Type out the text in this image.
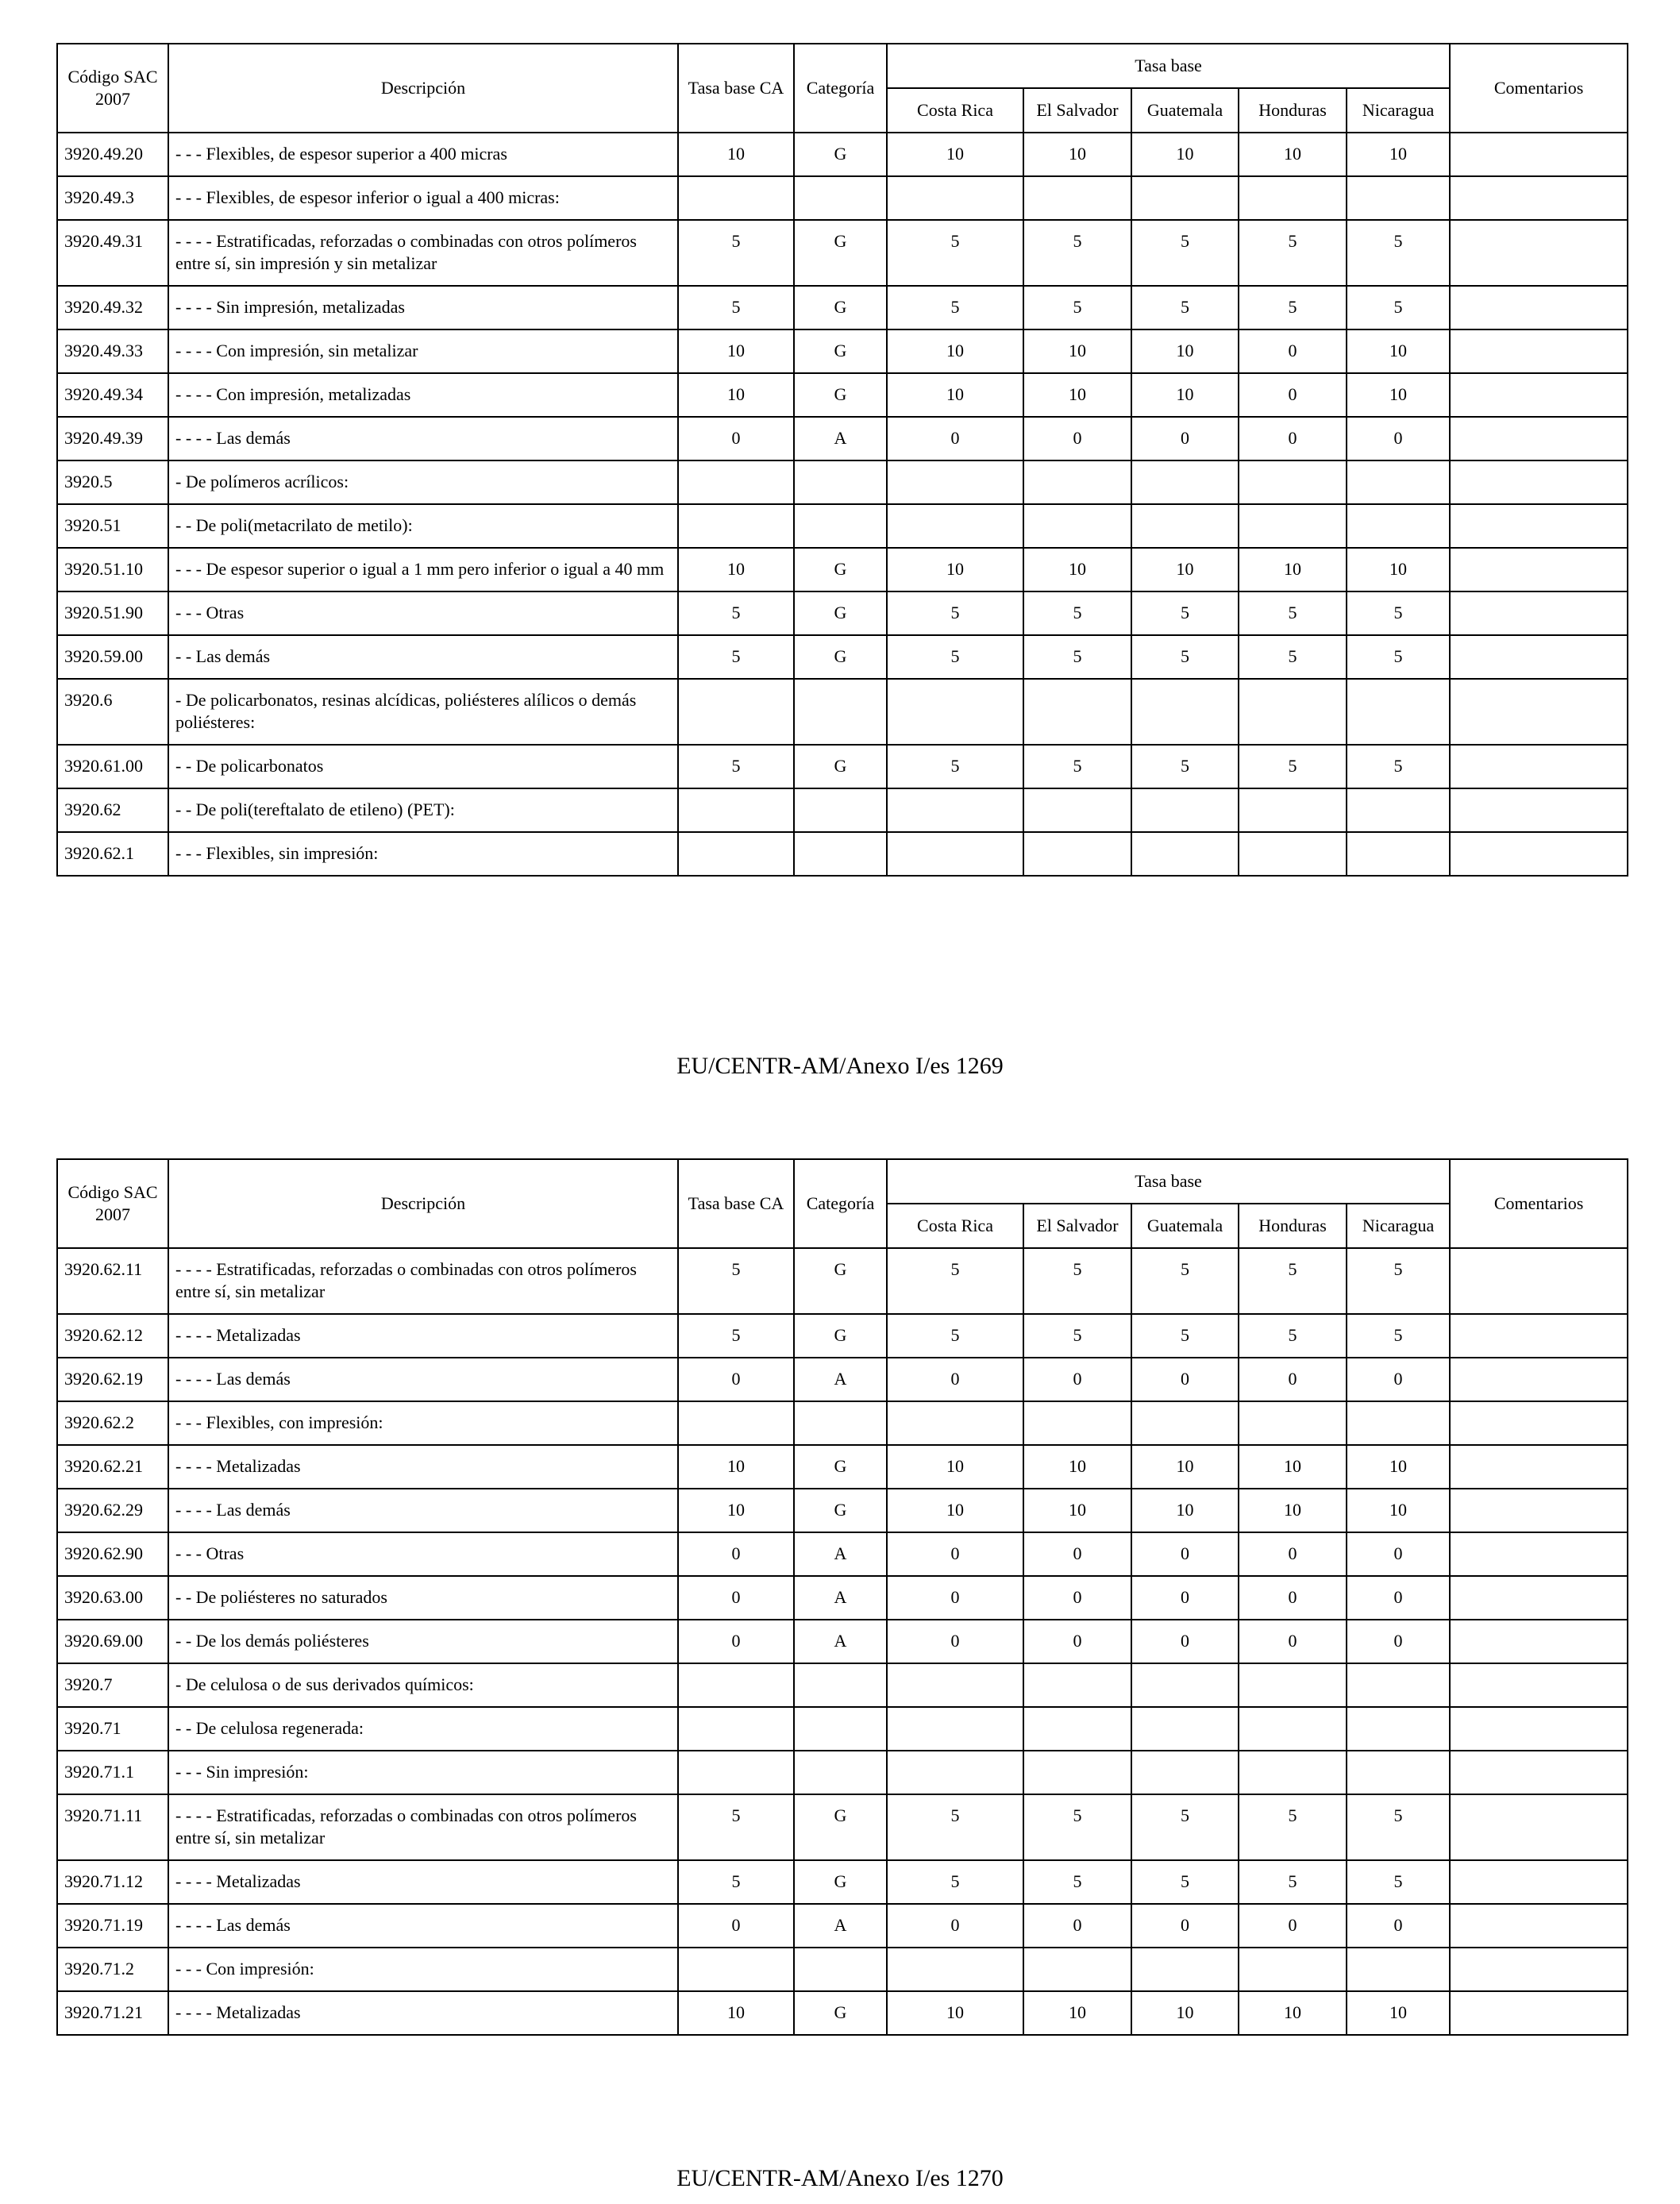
Código SAC 2007	Descripción	Tasa base CA	Categoría	Tasa base					Comentarios
				Costa Rica	El Salvador	Guatemala	Honduras	Nicaragua	
3920.49.20	- - - Flexibles, de espesor superior a 400 micras	10	G	10	10	10	10	10	
3920.49.3	- - - Flexibles, de espesor inferior o igual a 400 micras:								
3920.49.31	- - - - Estratificadas, reforzadas o combinadas con otros polímeros entre sí, sin impresión y sin metalizar	5	G	5	5	5	5	5	
3920.49.32	- - - - Sin impresión, metalizadas	5	G	5	5	5	5	5	
3920.49.33	- - - - Con impresión, sin metalizar	10	G	10	10	10	0	10	
3920.49.34	- - - - Con impresión, metalizadas	10	G	10	10	10	0	10	
3920.49.39	- - - - Las demás	0	A	0	0	0	0	0	
3920.5	- De polímeros acrílicos:								
3920.51	- - De poli(metacrilato de metilo):								
3920.51.10	- - - De espesor superior o igual a 1 mm pero inferior o igual a 40 mm	10	G	10	10	10	10	10	
3920.51.90	- - - Otras	5	G	5	5	5	5	5	
3920.59.00	- - Las demás	5	G	5	5	5	5	5	
3920.6	- De policarbonatos, resinas alcídicas, poliésteres alílicos o demás poliésteres:								
3920.61.00	- - De policarbonatos	5	G	5	5	5	5	5	
3920.62	- - De poli(tereftalato de etileno) (PET):								
3920.62.1	- - - Flexibles, sin impresión:								
EU/CENTR-AM/Anexo I/es 1269
Código SAC 2007	Descripción	Tasa base CA	Categoría	Tasa base					Comentarios
				Costa Rica	El Salvador	Guatemala	Honduras	Nicaragua	
3920.62.11	- - - - Estratificadas, reforzadas o combinadas con otros polímeros entre sí, sin metalizar	5	G	5	5	5	5	5	
3920.62.12	- - - - Metalizadas	5	G	5	5	5	5	5	
3920.62.19	- - - - Las demás	0	A	0	0	0	0	0	
3920.62.2	- - - Flexibles, con impresión:								
3920.62.21	- - - - Metalizadas	10	G	10	10	10	10	10	
3920.62.29	- - - - Las demás	10	G	10	10	10	10	10	
3920.62.90	- - - Otras	0	A	0	0	0	0	0	
3920.63.00	- - De poliésteres no saturados	0	A	0	0	0	0	0	
3920.69.00	- - De los demás poliésteres	0	A	0	0	0	0	0	
3920.7	- De celulosa o de sus derivados químicos:								
3920.71	- - De celulosa regenerada:								
3920.71.1	- - - Sin impresión:								
3920.71.11	- - - - Estratificadas, reforzadas o combinadas con otros polímeros entre sí, sin metalizar	5	G	5	5	5	5	5	
3920.71.12	- - - - Metalizadas	5	G	5	5	5	5	5	
3920.71.19	- - - - Las demás	0	A	0	0	0	0	0	
3920.71.2	- - - Con impresión:								
3920.71.21	- - - - Metalizadas	10	G	10	10	10	10	10	
EU/CENTR-AM/Anexo I/es 1270
